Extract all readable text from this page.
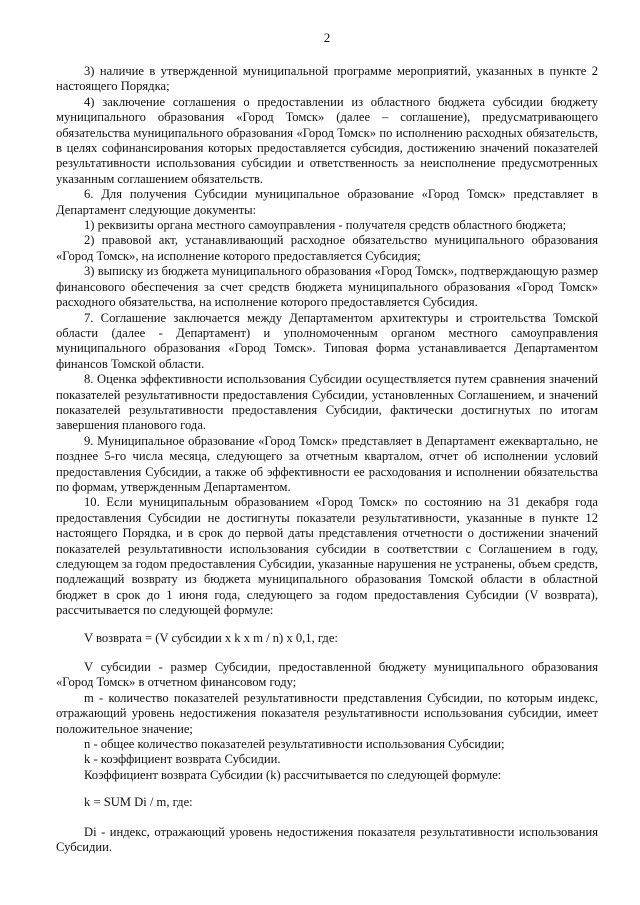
2

3) наличие в утвержденной муниципальной программе мероприятий, указанных в пункте 2 настоящего Порядка;

4) заключение соглашения о предоставлении из областного бюджета субсидии бюджету муниципального образования «Город Томск» (далее – соглашение), предусматривающего обязательства муниципального образования «Город Томск» по исполнению расходных обязательств, в целях софинансирования которых предоставляется субсидия, достижению значений показателей результативности использования субсидии и ответственность за неисполнение предусмотренных указанным соглашением обязательств.

6. Для получения Субсидии муниципальное образование «Город Томск» представляет в Департамент следующие документы:

1) реквизиты органа местного самоуправления - получателя средств областного бюджета;

2) правовой акт, устанавливающий расходное обязательство муниципального образования «Город Томск», на исполнение которого предоставляется Субсидия;

3) выписку из бюджета муниципального образования «Город Томск», подтверждающую размер финансового обеспечения за счет средств бюджета муниципального образования «Город Томск» расходного обязательства, на исполнение которого предоставляется Субсидия.

7. Соглашение заключается между Департаментом архитектуры и строительства Томской области (далее - Департамент) и уполномоченным органом местного самоуправления муниципального образования «Город Томск». Типовая форма устанавливается Департаментом финансов Томской области.

8. Оценка эффективности использования Субсидии осуществляется путем сравнения значений показателей результативности предоставления Субсидии, установленных Соглашением, и значений показателей результативности предоставления Субсидии, фактически достигнутых по итогам завершения планового года.

9. Муниципальное образование «Город Томск» представляет в Департамент ежеквартально, не позднее 5-го числа месяца, следующего за отчетным кварталом, отчет об исполнении условий предоставления Субсидии, а также об эффективности ее расходования и исполнении обязательства по формам, утвержденным Департаментом.

10. Если муниципальным образованием «Город Томск» по состоянию на 31 декабря года предоставления Субсидии не достигнуты показатели результативности, указанные в пункте 12 настоящего Порядка, и в срок до первой даты представления отчетности о достижении значений показателей результативности использования субсидии в соответствии с Соглашением в году, следующем за годом предоставления Субсидии, указанные нарушения не устранены, объем средств, подлежащий возврату из бюджета муниципального образования Томской области в областной бюджет в срок до 1 июня года, следующего за годом предоставления Субсидии (V возврата), рассчитывается по следующей формуле:

V возврата = (V субсидии x k x m / n) x 0,1, где:

V субсидии - размер Субсидии, предоставленной бюджету муниципального образования «Город Томск» в отчетном финансовом году;

m - количество показателей результативности представления Субсидии, по которым индекс, отражающий уровень недостижения показателя результативности использования субсидии, имеет положительное значение;

n - общее количество показателей результативности использования Субсидии;

k - коэффициент возврата Субсидии.

Коэффициент возврата Субсидии (k) рассчитывается по следующей формуле:

k = SUM Di / m, где:

Di - индекс, отражающий уровень недостижения показателя результативности использования Субсидии.
